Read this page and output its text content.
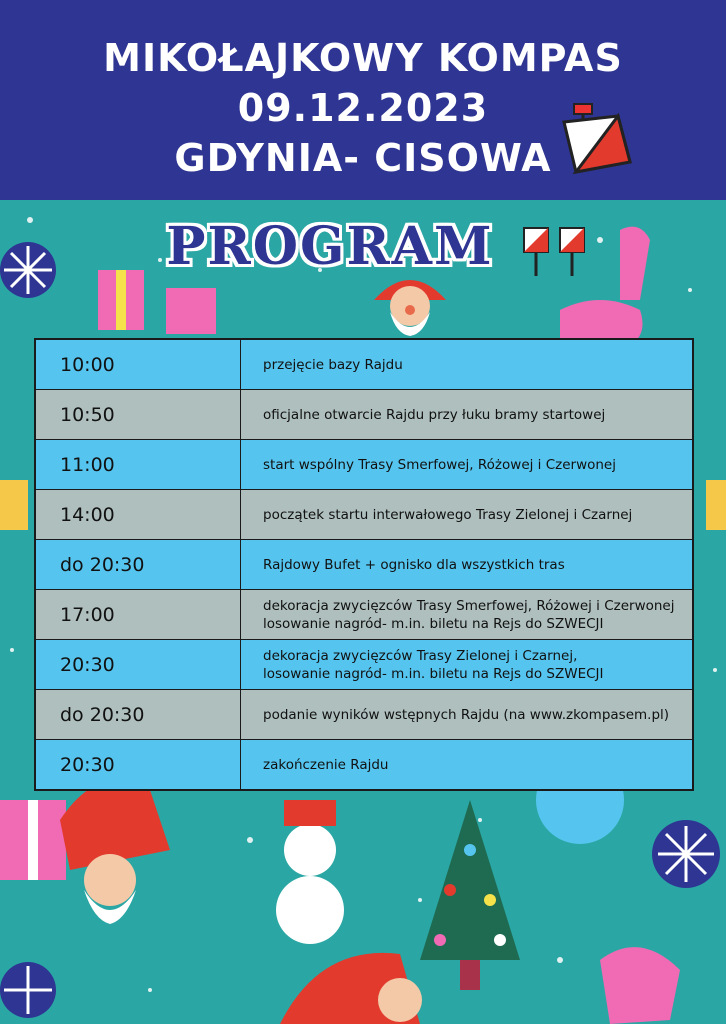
MIKOŁAJKOWY KOMPAS
09.12.2023
GDYNIA- CISOWA
PROGRAM
10:00	przejęcie bazy Rajdu
10:50	oficjalne otwarcie Rajdu przy łuku bramy startowej
11:00	start wspólny Trasy Smerfowej, Różowej i Czerwonej
14:00	początek startu interwałowego Trasy Zielonej i Czarnej
do 20:30	Rajdowy Bufet + ognisko dla wszystkich tras
17:00	dekoracja zwycięzców Trasy Smerfowej, Różowej i Czerwonej
losowanie nagród- m.in. biletu na Rejs do SZWECJI

20:30	dekoracja zwycięzców Trasy Zielonej i Czarnej,
losowanie nagród- m.in. biletu na Rejs do SZWECJI

do 20:30	podanie wyników wstępnych Rajdu (na www.zkompasem.pl)
20:30	zakończenie Rajdu
